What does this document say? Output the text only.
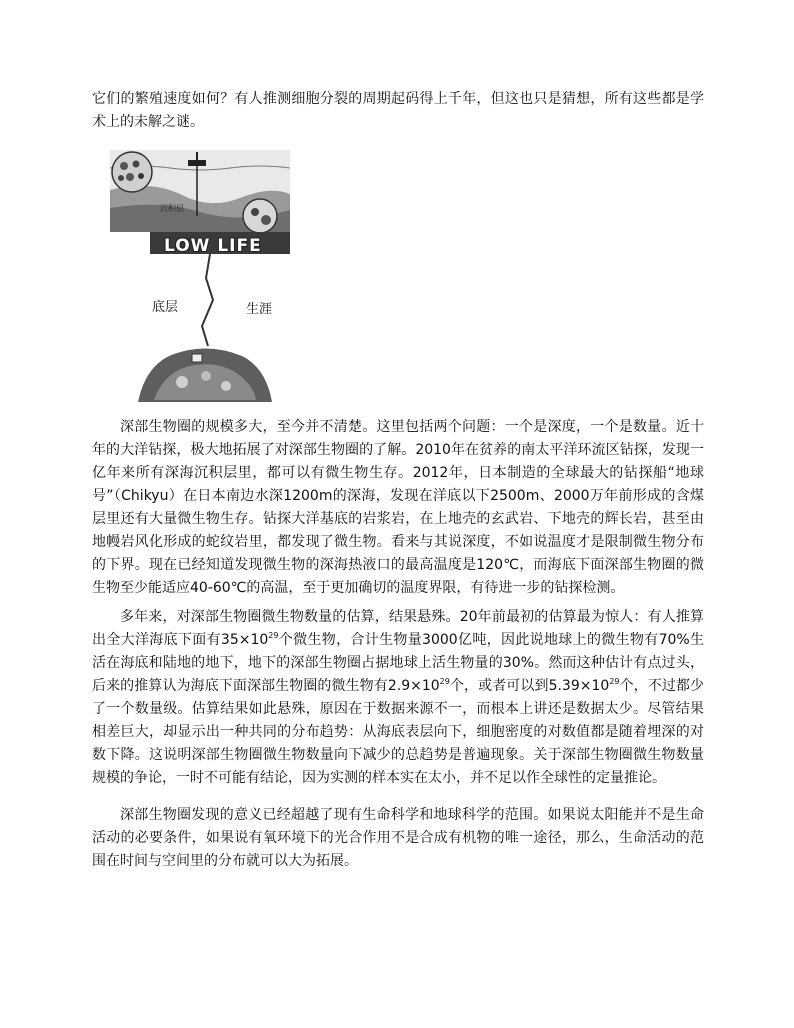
它们的繁殖速度如何？有人推测细胞分裂的周期起码得上千年，但这也只是猜想，所有这些都是学术上的未解之谜。

沉积层
LOW LIFE
底层	生涯

深部生物圈的规模多大，至今并不清楚。这里包括两个问题：一个是深度，一个是数量。近十年的大洋钻探，极大地拓展了对深部生物圈的了解。2010年在贫养的南太平洋环流区钻探，发现一亿年来所有深海沉积层里，都可以有微生物生存。2012年，日本制造的全球最大的钻探船“地球号”（Chikyu）在日本南边水深1200m的深海，发现在洋底以下2500m、2000万年前形成的含煤层里还有大量微生物生存。钻探大洋基底的岩浆岩，在上地壳的玄武岩、下地壳的辉长岩，甚至由地幔岩风化形成的蛇纹岩里，都发现了微生物。看来与其说深度，不如说温度才是限制微生物分布的下界。现在已经知道发现微生物的深海热液口的最高温度是120℃，而海底下面深部生物圈的微生物至少能适应40-60℃的高温，至于更加确切的温度界限，有待进一步的钻探检测。

多年来，对深部生物圈微生物数量的估算，结果悬殊。20年前最初的估算最为惊人：有人推算出全大洋海底下面有$35\times 10^{29}$个微生物，合计生物量3000亿吨，因此说地球上的微生物有70%生活在海底和陆地的地下，地下的深部生物圈占据地球上活生物量的30%。然而这种估计有点过头，后来的推算认为海底下面深部生物圈的微生物有$2.9\times 10^{29}$个，或者可以到$5.39\times 10^{29}$个，不过都少了一个数量级。估算结果如此悬殊，原因在于数据来源不一，而根本上讲还是数据太少。尽管结果相差巨大，却显示出一种共同的分布趋势：从海底表层向下，细胞密度的对数值都是随着埋深的对数下降。这说明深部生物圈微生物数量向下减少的总趋势是普遍现象。关于深部生物圈微生物数量规模的争论，一时不可能有结论，因为实测的样本实在太小，并不足以作全球性的定量推论。

深部生物圈发现的意义已经超越了现有生命科学和地球科学的范围。如果说太阳能并不是生命活动的必要条件，如果说有氧环境下的光合作用不是合成有机物的唯一途径，那么，生命活动的范围在时间与空间里的分布就可以大为拓展。
